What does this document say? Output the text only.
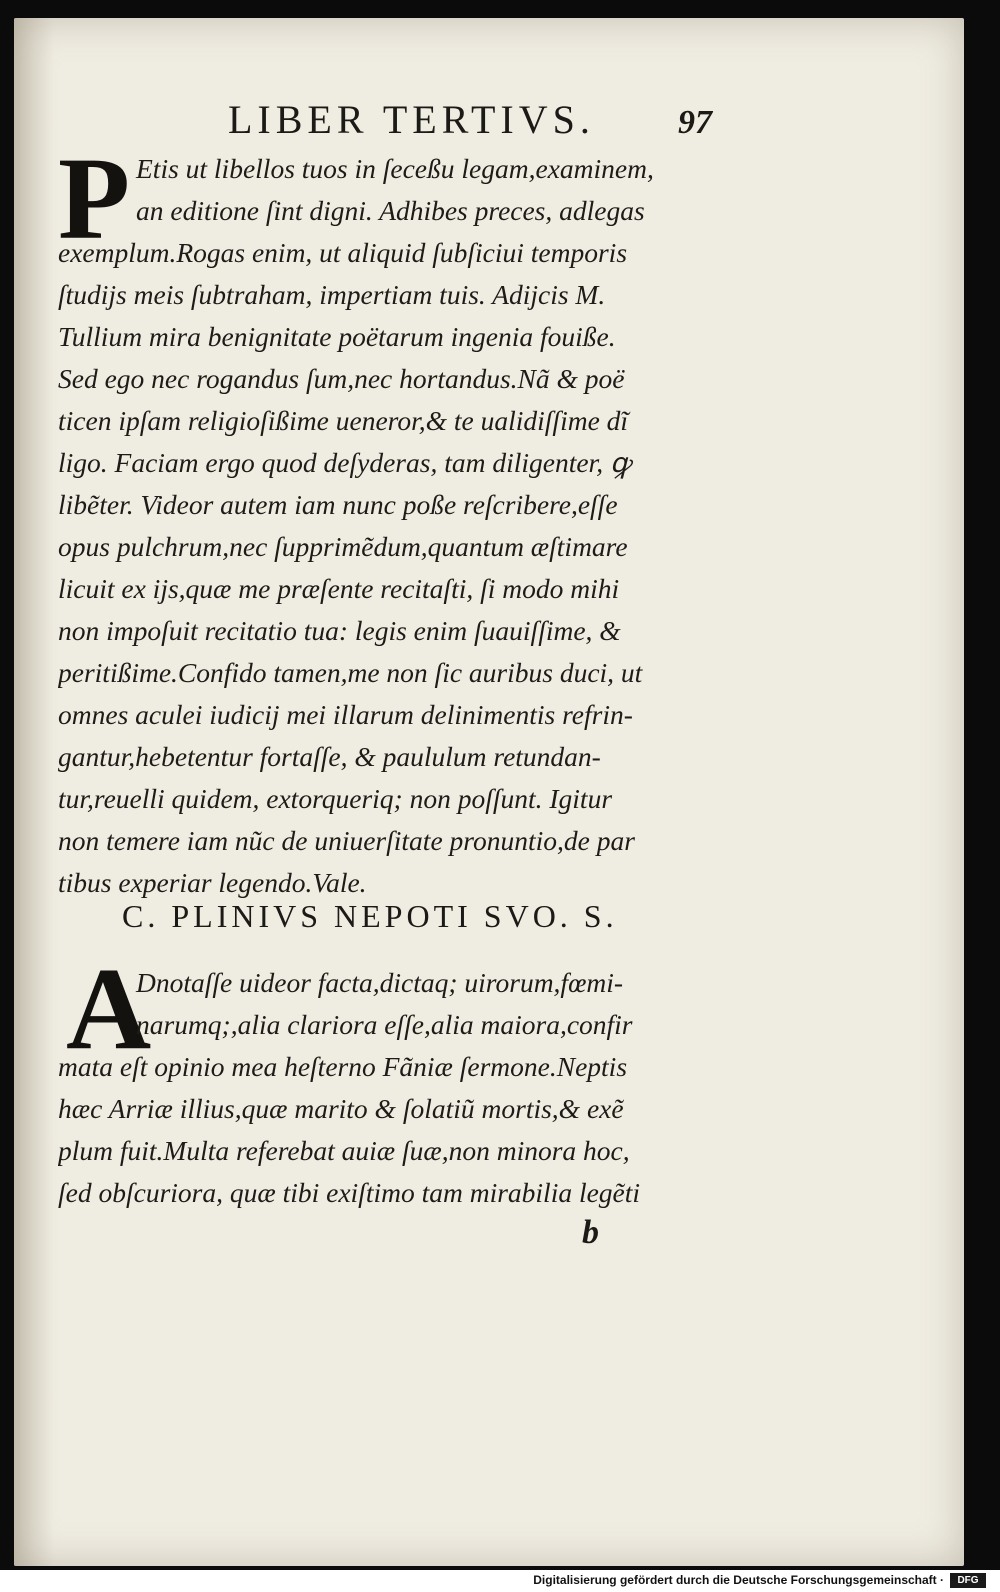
LIBER TERTIVS. 97
P Etis ut libellos tuos in ſeceßu legam,examinem,
an editione ſint digni. Adhibes preces, adlegas
exemplum.Rogas enim, ut aliquid ſubſiciui temporis
ſtudijs meis ſubtraham, impertiam tuis. Adijcis M.
Tullium mira benignitate poëtarum ingenia fouiße.
Sed ego nec rogandus ſum,nec hortandus.Nã & poë
ticen ipſam religioſißime ueneror,& te ualidiſſime dĩ
ligo. Faciam ergo quod deſyderas, tam diligenter, ꝙ
libẽter. Videor autem iam nunc poße reſcribere,eſſe
opus pulchrum,nec ſupprimẽdum,quantum æſtimare
licuit ex ijs,quæ me præſente recitaſti, ſi modo mihi
non impoſuit recitatio tua: legis enim ſuauiſſime, &
peritißime.Confido tamen,me non ſic auribus duci, ut
omnes aculei iudicij mei illarum delinimentis refrin-
gantur,hebetentur fortaſſe, & paululum retundan-
tur,reuelli quidem, extorqueriq; non poſſunt. Igitur
non temere iam nũc de uniuerſitate pronuntio,de par
tibus experiar legendo.Vale.
C. PLINIVS NEPOTI SVO. S.
A
Dnotaſſe uideor facta,dictaq; uirorum,fœmi-
narumq;,alia clariora eſſe,alia maiora,confir
mata eſt opinio mea heſterno Fãniæ ſermone.Neptis
hæc Arriæ illius,quæ marito & ſolatiũ mortis,& exẽ
plum fuit.Multa referebat auiæ ſuæ,non minora hoc,
ſed obſcuriora, quæ tibi exiſtimo tam mirabilia legẽti
b
Digitalisierung gefördert durch die Deutsche Forschungsgemeinschaft ·	DFG
